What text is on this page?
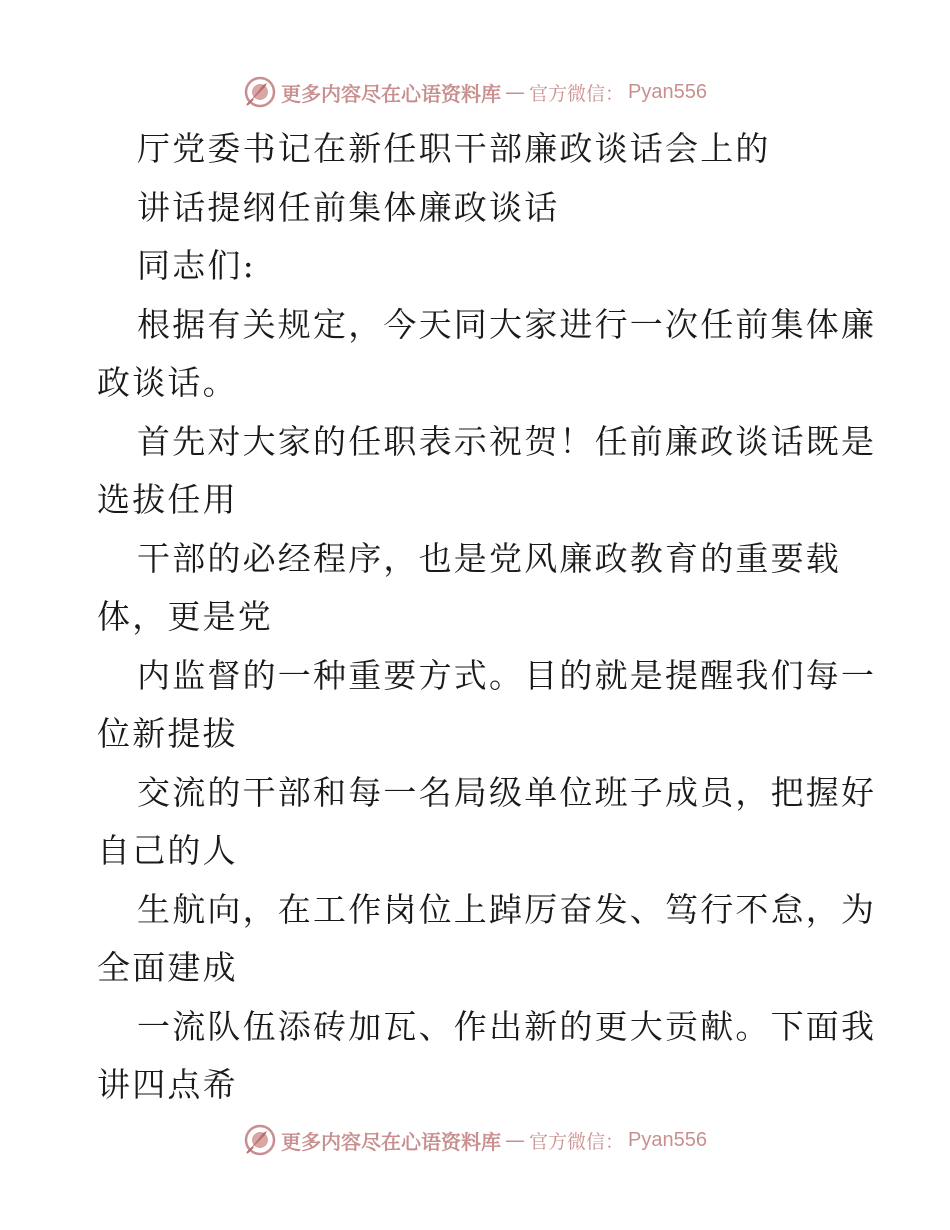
更多内容尽在心语资料库 — 官方微信： Pyan556
厅党委书记在新任职干部廉政谈话会上的
讲话提纲任前集体廉政谈话
同志们:
根据有关规定，今天同大家进行一次任前集体廉
政谈话。
首先对大家的任职表示祝贺！任前廉政谈话既是
选拔任用
干部的必经程序，也是党风廉政教育的重要载
体，更是党
内监督的一种重要方式。目的就是提醒我们每一
位新提拔
交流的干部和每一名局级单位班子成员，把握好
自己的人
生航向，在工作岗位上踔厉奋发、笃行不怠，为
全面建成
一流队伍添砖加瓦、作出新的更大贡献。下面我
讲四点希
更多内容尽在心语资料库 — 官方微信： Pyan556
